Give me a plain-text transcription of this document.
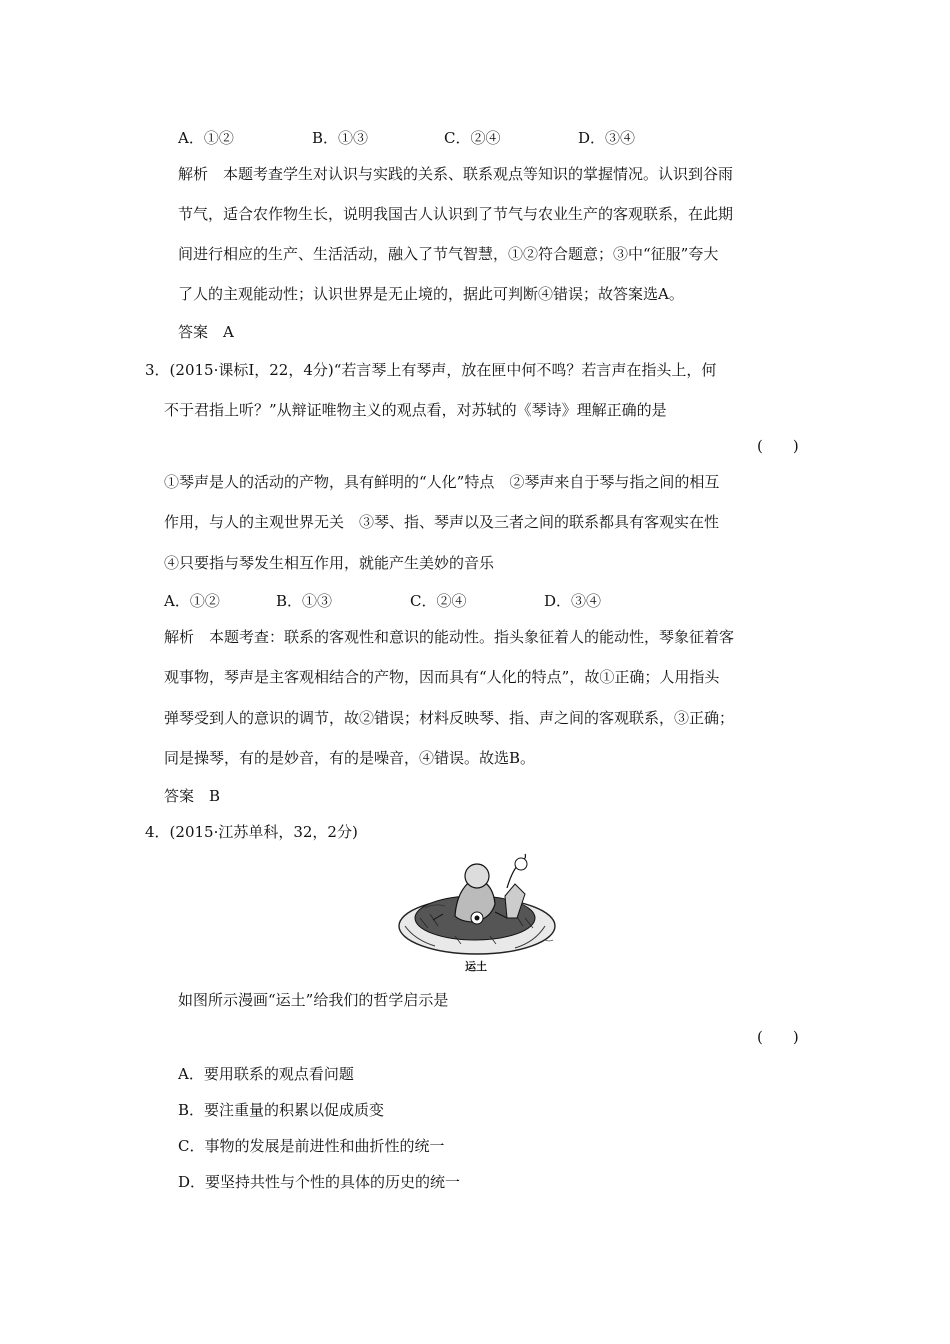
A．①②	B．①③	C．②④	D．③④
解析　本题考查学生对认识与实践的关系、联系观点等知识的掌握情况。认识到谷雨
节气，适合农作物生长，说明我国古人认识到了节气与农业生产的客观联系，在此期
间进行相应的生产、生活活动，融入了节气智慧，①②符合题意；③中“征服”夸大
了人的主观能动性；认识世界是无止境的，据此可判断④错误；故答案选A。
答案　A
3．(2015·课标Ⅰ，22，4分)“若言琴上有琴声，放在匣中何不鸣？若言声在指头上，何
不于君指上听？”从辩证唯物主义的观点看，对苏轼的《琴诗》理解正确的是
(　　)
①琴声是人的活动的产物，具有鲜明的“人化”特点　②琴声来自于琴与指之间的相互
作用，与人的主观世界无关　③琴、指、琴声以及三者之间的联系都具有客观实在性
④只要指与琴发生相互作用，就能产生美妙的音乐
A．①②	B．①③	C．②④	D．③④
解析　本题考查：联系的客观性和意识的能动性。指头象征着人的能动性，琴象征着客
观事物，琴声是主客观相结合的产物，因而具有“人化的特点”，故①正确；人用指头
弹琴受到人的意识的调节，故②错误；材料反映琴、指、声之间的客观联系，③正确；
同是操琴，有的是妙音，有的是噪音，④错误。故选B。
答案　B
4．(2015·江苏单科，32，2分)
运土
如图所示漫画“运土”给我们的哲学启示是
(　　)
A．要用联系的观点看问题
B．要注重量的积累以促成质变
C．事物的发展是前进性和曲折性的统一
D．要坚持共性与个性的具体的历史的统一
